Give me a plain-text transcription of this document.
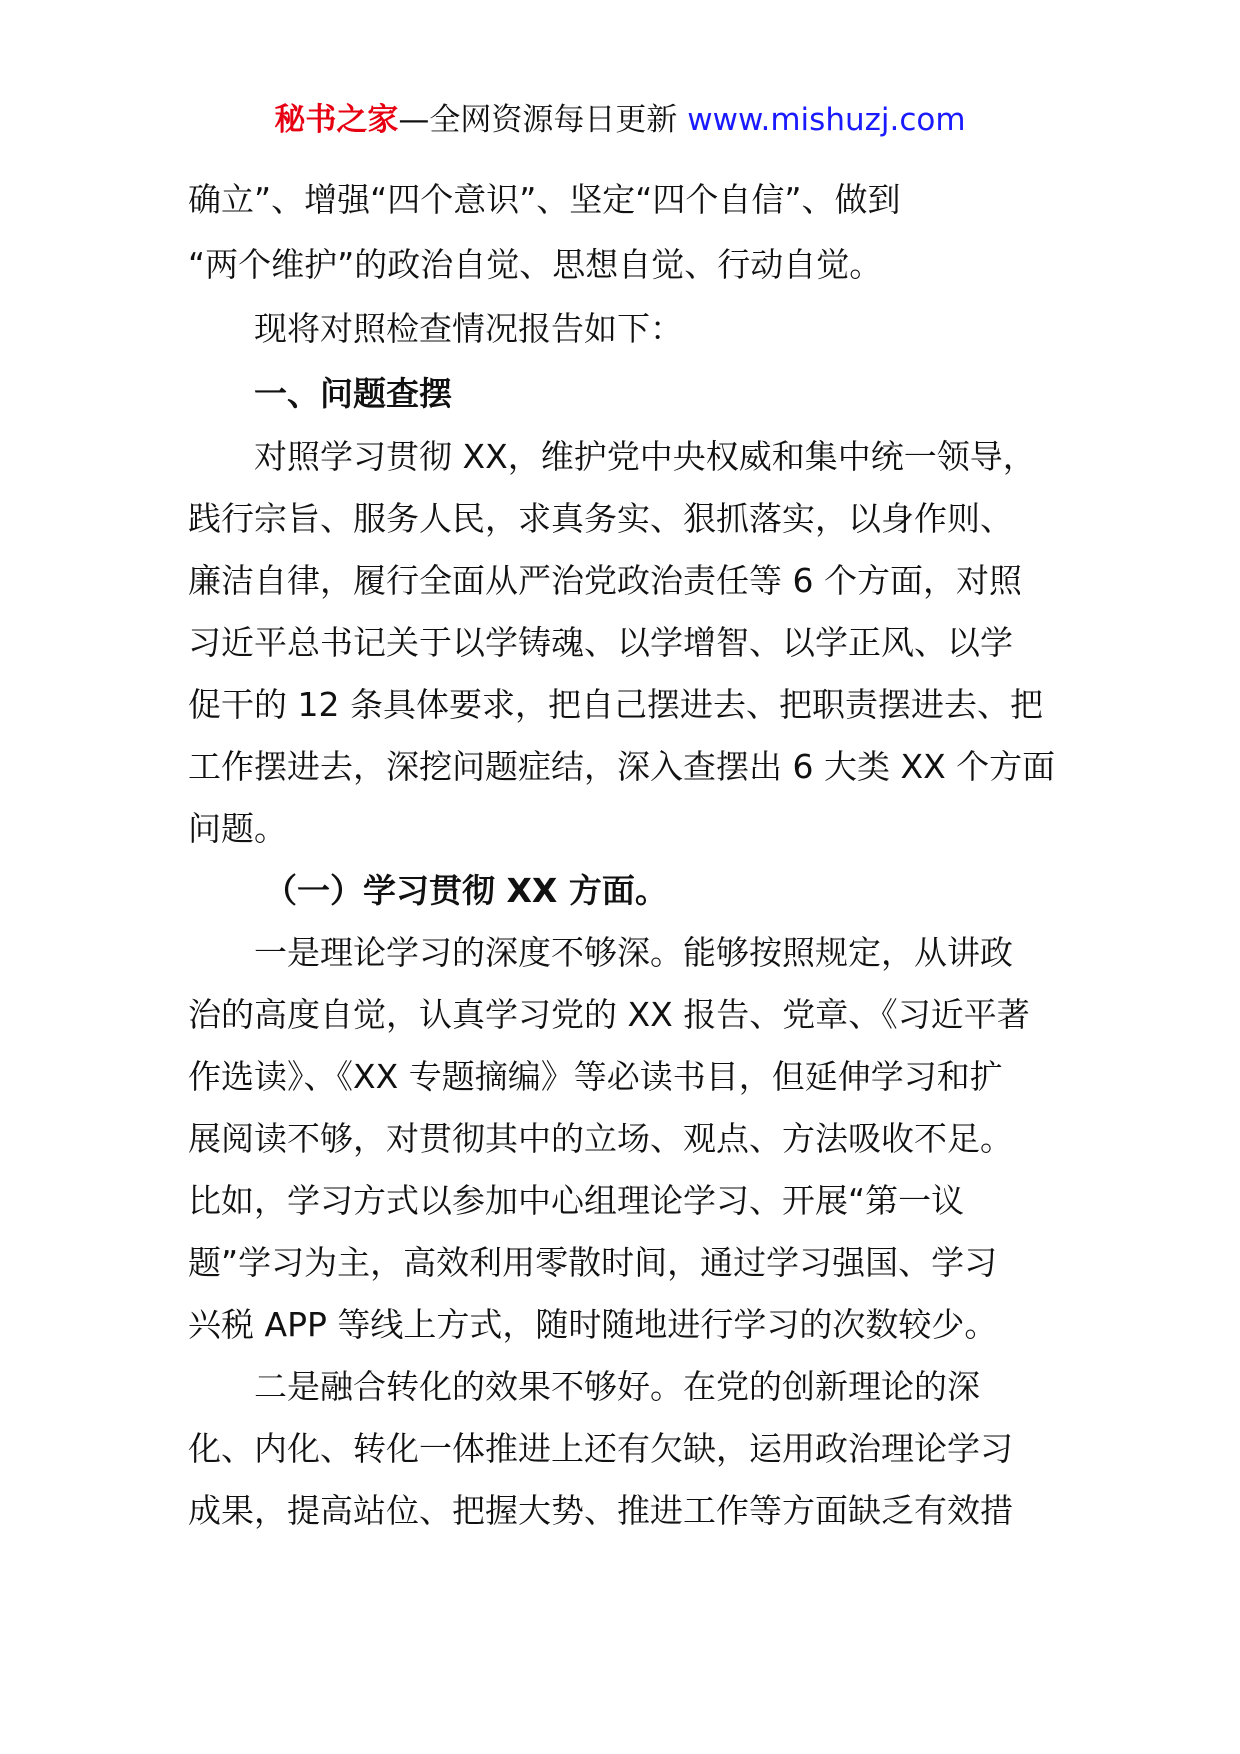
秘书之家—全网资源每日更新 www.mishuzj.com
确立”、增强“四个意识”、坚定“四个自信”、做到
“两个维护”的政治自觉、思想自觉、行动自觉。
现将对照检查情况报告如下：
一、问题查摆
对照学习贯彻 XX，维护党中央权威和集中统一领导，
践行宗旨、服务人民，求真务实、狠抓落实，以身作则、
廉洁自律，履行全面从严治党政治责任等 6 个方面，对照
习近平总书记关于以学铸魂、以学增智、以学正风、以学
促干的 12 条具体要求，把自己摆进去、把职责摆进去、把
工作摆进去，深挖问题症结，深入查摆出 6 大类 XX 个方面
问题。
（一）学习贯彻 XX 方面。
一是理论学习的深度不够深。能够按照规定，从讲政
治的高度自觉，认真学习党的 XX 报告、党章、《习近平著
作选读》、《XX 专题摘编》等必读书目，但延伸学习和扩
展阅读不够，对贯彻其中的立场、观点、方法吸收不足。
比如，学习方式以参加中心组理论学习、开展“第一议
题”学习为主，高效利用零散时间，通过学习强国、学习
兴税 APP 等线上方式，随时随地进行学习的次数较少。
二是融合转化的效果不够好。在党的创新理论的深
化、内化、转化一体推进上还有欠缺，运用政治理论学习
成果，提高站位、把握大势、推进工作等方面缺乏有效措
